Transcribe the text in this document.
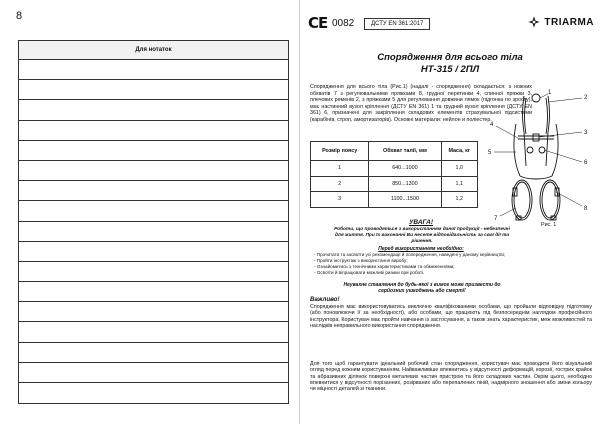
8
Для нотаток
CE 0082	ДСТУ EN 361:2017	TRIARMA
Спорядження для всього тіла
НТ-315 / 2ПЛ
Спорядження для всього тіла (Рис.1) (надалі - спорядження) складається: з ножних обхватів 7 з регулювальними пряжками 8, грудної перетинки 4, спинної пряжки 3, плечових ременів 2, з пряжками 5 для регулювання довжини лямок (підгонка по зросту), має настинний вузол кріплення (ДСТУ EN 361) 1 та грудний вузол кріплення (ДСТУ EN 361) 6, призначені для закріплення складових елементів страхувальної підсистеми (карабінів, строп, амортизаторів). Основні матеріали: нейлон и поліестер.
Розмір поясу	Обхват талії, мм	Маса, кг
1	640...1000	1,0
2	850...1300	1,1
3	1100...1500	1,2
1
2
3
4
5
6
7
8
Рис. 1
УВАГА!
Роботи, що проводяться з використанням даної продукції - небезпечні для життя. При їх виконанні Ви несете відповідальність за свої дії та рішення.
Перед використанням необхідно:
- Прочитати та засвоїти усі рекомендації й попередження, наведені у даному керівництві;
- Пройти інструктаж з використання виробу;
- Ознайомитись з технічними характеристиками та обмеженнями;
- Освоїти й віпрацювати можливі ризики при роботі.
Неувахне ставлення до будь-якої з вимог може призвести до серйозних ушкоджень або смерті!
Важливо!
Спорядження має використовуватись виключно кваліфікованими особами, що пройшли відповідну підготовку (або поновлюючи її за необхідності), або особами, що працюють під безпосереднім наглядом професійного інструктора. Користувач має пройти навчання із застосування, а також знать характеристик, меж можливостей та наслідків неправильного використання спорядження.
Для того щоб гарантувати ідеальний робочий стан спорядження, користувач має проводити його візуальний огляд перед кожним користуванням. Найважливіше впевнитись у відсутності деформацій, корозії, гострих крайок та абразивних ділянок поверхні металевих частин пристрою та його складових частин. Окрім цього, необхідно впевнитися у відсутності порізанних, розірваних або перепалених ліній, надмірного зношення або зміни кольору чи міцності деталей зі тканини.
